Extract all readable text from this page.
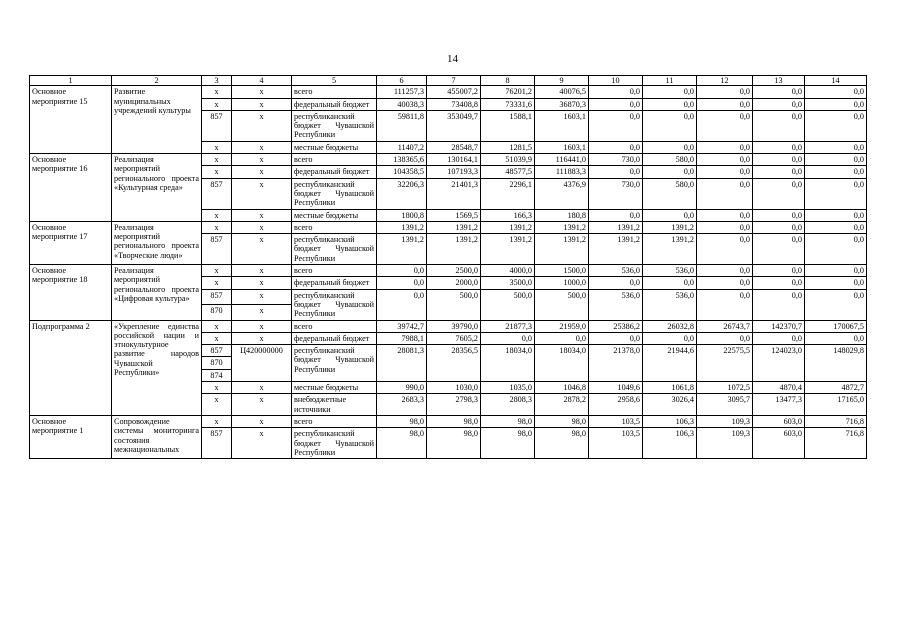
14
1	2	3	4	5	6	7	8	9	10	11	12	13	14
Основное мероприятие 15	Развитие муниципальных учреждений культуры	х	х	всего	111257,3	455007,2	76201,2	40076,5	0,0	0,0	0,0	0,0	0,0
		х	х	федеральный бюджет	40038,3	73408,8	73331,6	36870,3	0,0	0,0	0,0	0,0	0,0
		857	х	республиканский бюджет Чувашской Республики	59811,8	353049,7	1588,1	1603,1	0,0	0,0	0,0	0,0	0,0
		х	х	местные бюджеты	11407,2	28548,7	1281,5	1603,1	0,0	0,0	0,0	0,0	0,0
Основное мероприятие 16	Реализация мероприятий регионального проекта «Культурная среда»	х	х	всего	138365,6	130164,1	51039,9	116441,0	730,0	580,0	0,0	0,0	0,0
		х	х	федеральный бюджет	104358,5	107193,3	48577,5	111883,3	0,0	0,0	0,0	0,0	0,0
		857	х	республиканский бюджет Чувашской Республики	32206,3	21401,3	2296,1	4376,9	730,0	580,0	0,0	0,0	0,0
		х	х	местные бюджеты	1800,8	1569,5	166,3	180,8	0,0	0,0	0,0	0,0	0,0
Основное мероприятие 17	Реализация мероприятий регионального проекта «Творческие люди»	х	х	всего	1391,2	1391,2	1391,2	1391,2	1391,2	1391,2	0,0	0,0	0,0
		857	х	республиканский бюджет Чувашской Республики	1391,2	1391,2	1391,2	1391,2	1391,2	1391,2	0,0	0,0	0,0
Основное мероприятие 18	Реализация мероприятий регионального проекта «Цифровая культура»	х	х	всего	0,0	2500,0	4000,0	1500,0	536,0	536,0	0,0	0,0	0,0
		х	х	федеральный бюджет	0,0	2000,0	3500,0	1000,0	0,0	0,0	0,0	0,0	0,0
		857	х	республиканский бюджет Чувашской Республики	0,0	500,0	500,0	500,0	536,0	536,0	0,0	0,0	0,0
		870	х										
Подпрограмма 2	«Укрепление единства российской нации и этнокультурное развитие народов Чувашской Республики»	х	х	всего	39742,7	39790,0	21877,3	21959,0	25386,2	26032,8	26743,7	142370,7	170067,5
		х	х	федеральный бюджет	7988,1	7605,2	0,0	0,0	0,0	0,0	0,0	0,0	0,0
		857	Ц420000000	республиканский бюджет Чувашской Республики	28081,3	28356,5	18034,0	18034,0	21378,0	21944,6	22575,5	124023,0	148029,8
		870											
		874											
		х	х	местные бюджеты	990,0	1030,0	1035,0	1046,8	1049,6	1061,8	1072,5	4870,4	4872,7
		х	х	внебюджетные источники	2683,3	2798,3	2808,3	2878,2	2958,6	3026,4	3095,7	13477,3	17165,0
Основное мероприятие 1	Сопровождение системы мониторинга состояния межнациональных	х	х	всего	98,0	98,0	98,0	98,0	103,5	106,3	109,3	603,0	716,8
		857	х	республиканский бюджет Чувашской Республики	98,0	98,0	98,0	98,0	103,5	106,3	109,3	603,0	716,8
